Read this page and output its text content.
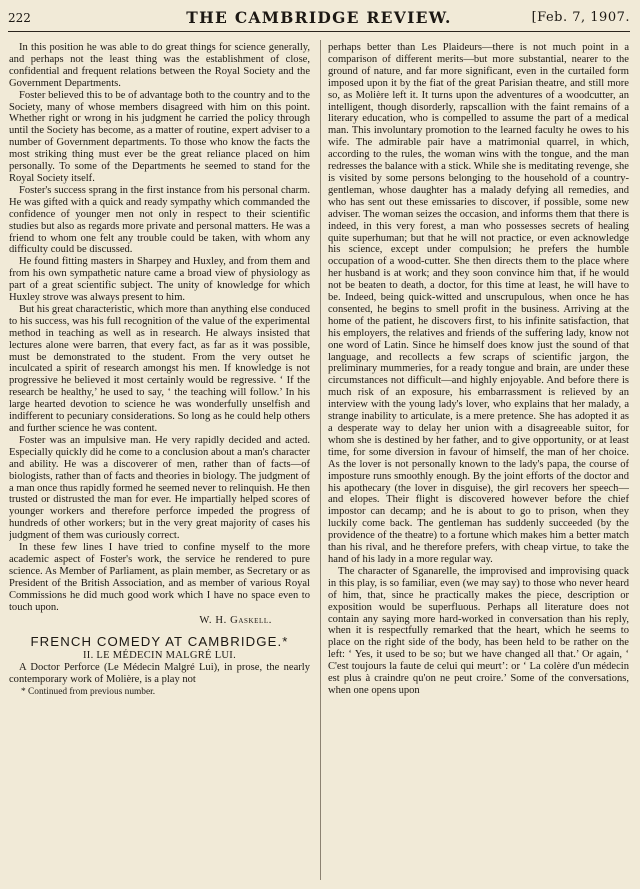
222	THE CAMBRIDGE REVIEW.	[Feb. 7, 1907.

In this position he was able to do great things for science generally, and perhaps not the least thing was the establishment of close, confidential and frequent relations between the Royal Society and the Government Departments.

Foster believed this to be of advantage both to the country and to the Society, many of whose members disagreed with him on this point. Whether right or wrong in his judgment he carried the policy through until the Society has become, as a matter of routine, expert adviser to a number of Government departments. To those who know the facts the most striking thing must ever be the great reliance placed on him personally. To some of the Departments he seemed to stand for the Royal Society itself.

Foster's success sprang in the first instance from his personal charm. He was gifted with a quick and ready sympathy which commanded the confidence of younger men not only in respect to their scientific studies but also as regards more private and personal matters. He was a friend to whom one felt any trouble could be taken, with whom any difficulty could be discussed.

He found fitting masters in Sharpey and Huxley, and from them and from his own sympathetic nature came a broad view of physiology as part of a great scientific subject. The unity of knowledge for which Huxley strove was always present to him.

But his great characteristic, which more than anything else conduced to his success, was his full recognition of the value of the experimental method in teaching as well as in research. He always insisted that lectures alone were barren, that every fact, as far as it was possible, must be demonstrated to the student. From the very outset he inculcated a spirit of research amongst his men. If knowledge is not progressive he believed it most certainly would be regressive. ‘ If the research be healthy,’ he used to say, ‘ the teaching will follow.’ In his large hearted devotion to science he was wonderfully unselfish and indifferent to pecuniary considerations. So long as he could help others and further science he was content.

Foster was an impulsive man. He very rapidly decided and acted. Especially quickly did he come to a conclusion about a man's character and ability. He was a discoverer of men, rather than of facts—of biologists, rather than of facts and theories in biology. The judgment of a man once thus rapidly formed he seemed never to relinquish. He then trusted or distrusted the man for ever. He impartially helped scores of younger workers and therefore perforce impeded the progress of hundreds of other workers; but in the very great majority of cases his judgment of them was curiously correct.

In these few lines I have tried to confine myself to the more academic aspect of Foster's work, the service he rendered to pure science. As Member of Parliament, as plain member, as Secretary or as President of the British Association, and as member of various Royal Commissions he did much good work which I have no space even to touch upon.

W. H. Gaskell.
FRENCH COMEDY AT CAMBRIDGE.*
II. LE MÉDECIN MALGRÉ LUI.

A Doctor Perforce (Le Médecin Malgré Lui), in prose, the nearly contemporary work of Molière, is a play not

* Continued from previous number.

perhaps better than Les Plaideurs—there is not much point in a comparison of different merits—but more substantial, nearer to the ground of nature, and far more significant, even in the curtailed form imposed upon it by the fiat of the great Parisian theatre, and still more so, as Molière left it. It turns upon the adventures of a woodcutter, an intelligent, though disorderly, rapscallion with the faint remains of a literary education, who is compelled to assume the part of a medical man. This involuntary promotion to the learned faculty he owes to his wife. The admirable pair have a matrimonial quarrel, in which, according to the rules, the woman wins with the tongue, and the man redresses the balance with a stick. While she is meditating revenge, she is visited by some persons belonging to the household of a country-gentleman, whose daughter has a malady defying all remedies, and who has sent out these emissaries to discover, if possible, some new adviser. The woman seizes the occasion, and informs them that there is indeed, in this very forest, a man who possesses secrets of healing quite superhuman; but that he will not practice, or even acknowledge his science, except under compulsion; he prefers the humble occupation of a wood-cutter. She then directs them to the place where her husband is at work; and they soon convince him that, if he would not be beaten to death, a doctor, for this time at least, he will have to be. Indeed, being quick-witted and unscrupulous, when once he has consented, he begins to smell profit in the business. Arriving at the home of the patient, he discovers first, to his infinite satisfaction, that his employers, the relatives and friends of the suffering lady, know not one word of Latin. Since he himself does know just the sound of that language, and recollects a few scraps of scientific jargon, the preliminary mummeries, for a ready tongue and brain, are under these circumstances not difficult—and highly enjoyable. And before there is much risk of an exposure, his embarrassment is relieved by an interview with the young lady's lover, who explains that her malady, a strange inability to articulate, is a mere pretence. She has adopted it as a desperate way to delay her union with a disagreeable suitor, for whom she is destined by her father, and to give opportunity, or at least time, for some diversion in favour of himself, the man of her choice. As the lover is not personally known to the lady's papa, the course of imposture runs smoothly enough. By the joint efforts of the doctor and his apothecary (the lover in disguise), the girl recovers her speech—and elopes. Their flight is discovered however before the chief impostor can decamp; and he is about to go to prison, when they luckily come back. The gentleman has suddenly succeeded (by the providence of the theatre) to a fortune which makes him a better match than his rival, and he therefore prefers, with cheap virtue, to take the hand of his lady in a more regular way.

The character of Sganarelle, the improvised and improvising quack in this play, is so familiar, even (we may say) to those who never heard of him, that, since he practically makes the piece, description or exposition would be superfluous. Perhaps all literature does not contain any saying more hard-worked in conversation than his reply, when it is respectfully remarked that the heart, which he seems to place on the right side of the body, has been held to be rather on the left: ‘ Yes, it used to be so; but we have changed all that.’ Or again, ‘ C'est toujours la faute de celui qui meurt’: or ‘ La colère d'un médecin est plus à craindre qu'on ne peut croire.’ Some of the conversations, when one opens upon
